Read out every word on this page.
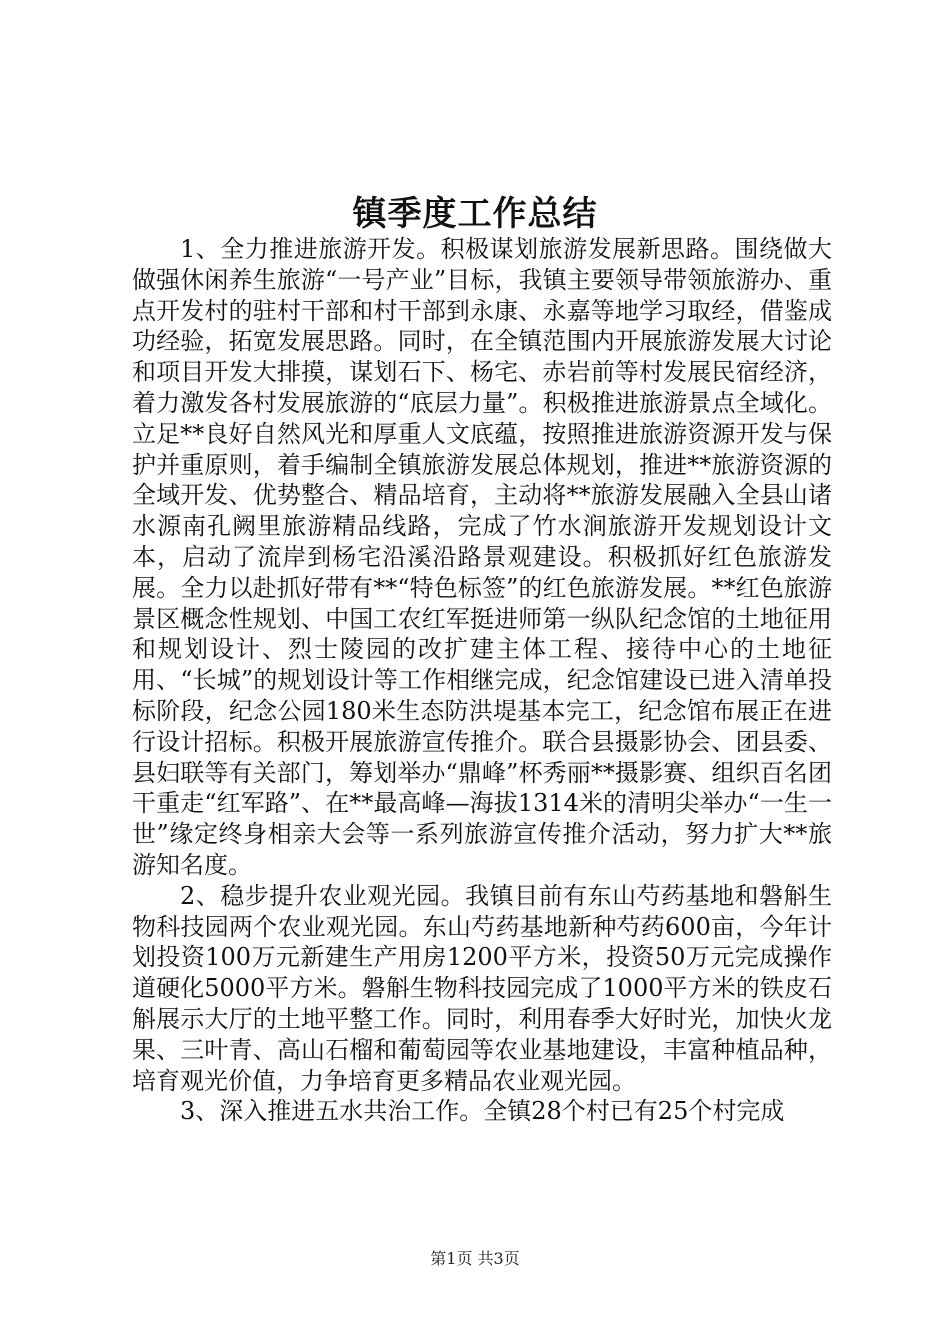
镇季度工作总结

1、全力推进旅游开发。积极谋划旅游发展新思路。围绕做大做强休闲养生旅游“一号产业”目标，我镇主要领导带领旅游办、重点开发村的驻村干部和村干部到永康、永嘉等地学习取经，借鉴成功经验，拓宽发展思路。同时，在全镇范围内开展旅游发展大讨论和项目开发大排摸，谋划石下、杨宅、赤岩前等村发展民宿经济，着力激发各村发展旅游的“底层力量”。积极推进旅游景点全域化。立足**良好自然风光和厚重人文底蕴，按照推进旅游资源开发与保护并重原则，着手编制全镇旅游发展总体规划，推进**旅游资源的全域开发、优势整合、精品培育，主动将**旅游发展融入全县山诸水源南孔阙里旅游精品线路，完成了竹水涧旅游开发规划设计文本，启动了流岸到杨宅沿溪沿路景观建设。积极抓好红色旅游发展。全力以赴抓好带有**“特色标签”的红色旅游发展。**红色旅游景区概念性规划、中国工农红军挺进师第一纵队纪念馆的土地征用和规划设计、烈士陵园的改扩建主体工程、接待中心的土地征用、“长城”的规划设计等工作相继完成，纪念馆建设已进入清单投标阶段，纪念公园180米生态防洪堤基本完工，纪念馆布展正在进行设计招标。积极开展旅游宣传推介。联合县摄影协会、团县委、县妇联等有关部门，筹划举办“鼎峰”杯秀丽**摄影赛、组织百名团干重走“红军路”、在**最高峰—海拔1314米的清明尖举办“一生一世”缘定终身相亲大会等一系列旅游宣传推介活动，努力扩大**旅游知名度。

2、稳步提升农业观光园。我镇目前有东山芍药基地和磐斛生物科技园两个农业观光园。东山芍药基地新种芍药600亩，今年计划投资100万元新建生产用房1200平方米，投资50万元完成操作道硬化5000平方米。磐斛生物科技园完成了1000平方米的铁皮石斛展示大厅的土地平整工作。同时，利用春季大好时光，加快火龙果、三叶青、高山石榴和葡萄园等农业基地建设，丰富种植品种，培育观光价值，力争培育更多精品农业观光园。

3、深入推进五水共治工作。全镇28个村已有25个村完成

第1页 共3页
